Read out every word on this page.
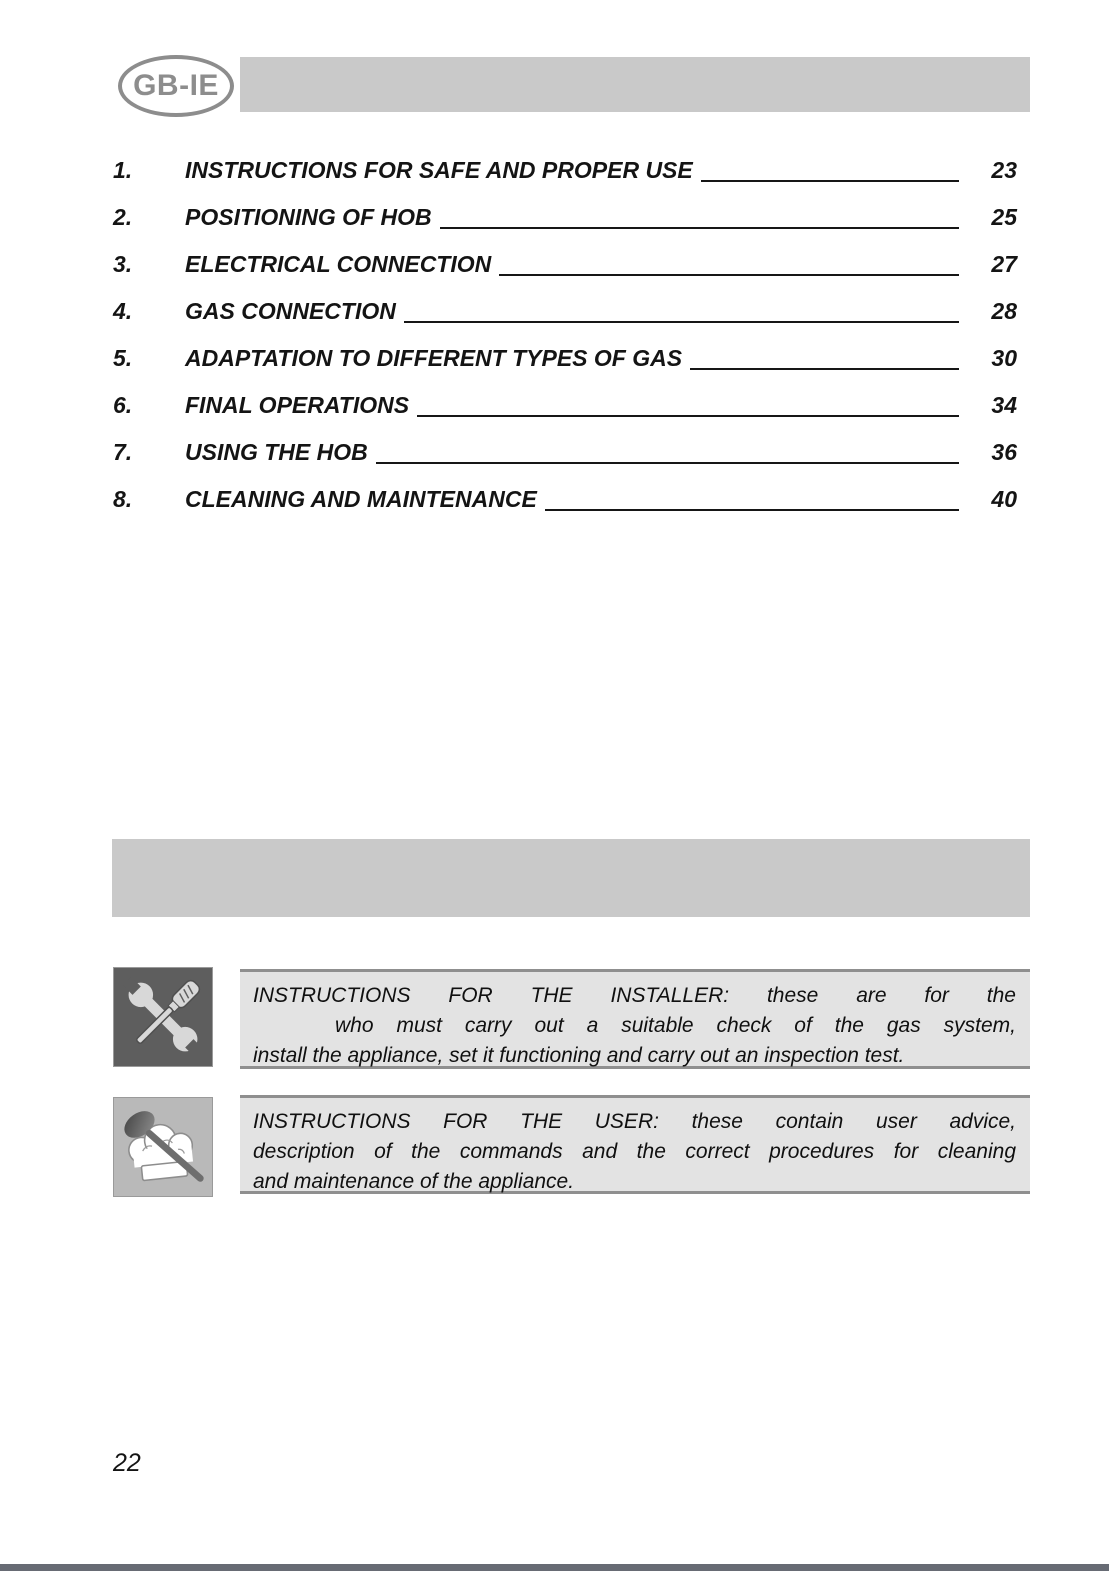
GB-IE
1.	INSTRUCTIONS FOR SAFE AND PROPER USE	23
2.	POSITIONING OF HOB	25
3.	ELECTRICAL CONNECTION	27
4.	GAS CONNECTION	28
5.	ADAPTATION TO DIFFERENT TYPES OF GAS	30
6.	FINAL OPERATIONS	34
7.	USING THE HOB	36
8.	CLEANING AND MAINTENANCE	40
INSTRUCTIONS FOR THE INSTALLER: these are for the
who must carry out a suitable check of the gas system,
install the appliance, set it functioning and carry out an inspection test.
INSTRUCTIONS FOR THE USER: these contain user advice,
description of the commands and the correct procedures for cleaning
and maintenance of the appliance.
22
